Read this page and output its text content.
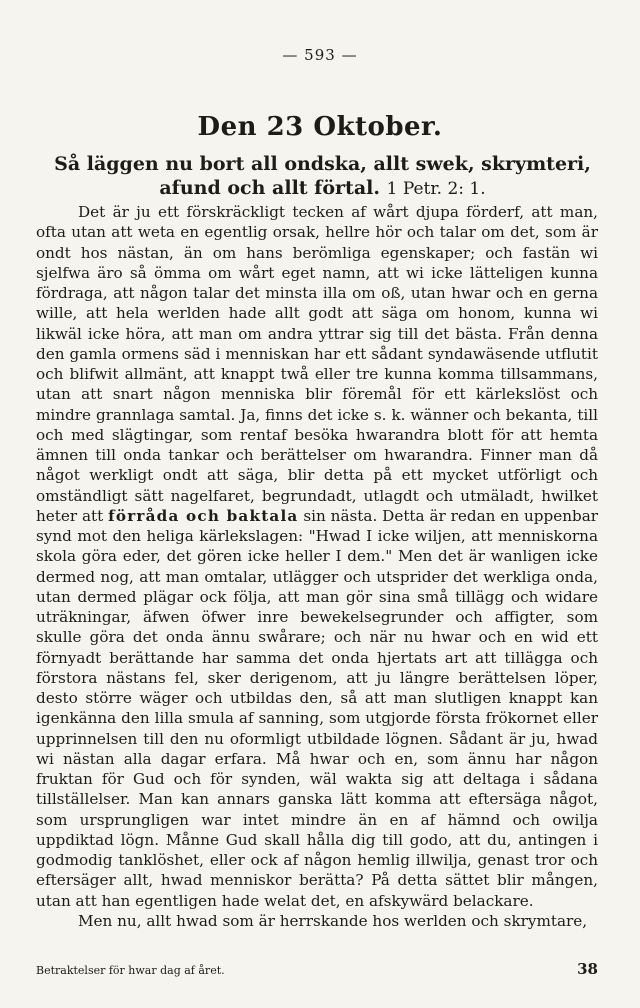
— 593 —
Den 23 Oktober.
Så läggen nu bort all ondska, allt swek, skrymteri, afund och allt förtal. 1 Petr. 2: 1.

Det är ju ett förskräckligt tecken af wårt djupa förderf, att man, ofta utan att weta en egentlig orsak, hellre hör och talar om det, som är ondt hos nästan, än om hans berömliga egenskaper; och fastän wi sjelfwa äro så ömma om wårt eget namn, att wi icke lätteligen kunna fördraga, att någon talar det minsta illa om oß, utan hwar och en gerna wille, att hela werlden hade allt godt att säga om honom, kunna wi likwäl icke höra, att man om andra yttrar sig till det bästa. Från denna den gamla ormens säd i menniskan har ett sådant syndawäsende utflutit och blifwit allmänt, att knappt twå eller tre kunna komma tillsammans, utan att snart någon menniska blir föremål för ett kärlekslöst och mindre grannlaga samtal. Ja, finns det icke s. k. wänner och bekanta, till och med slägtingar, som rentaf besöka hwarandra blott för att hemta ämnen till onda tankar och berättelser om hwarandra. Finner man då något werkligt ondt att säga, blir detta på ett mycket utförligt och omständligt sätt nagelfaret, begrundadt, utlagdt och utmäladt, hwilket heter att förråda och baktala sin nästa. Detta är redan en uppenbar synd mot den heliga kärlekslagen: "Hwad I icke wiljen, att menniskorna skola göra eder, det gören icke heller I dem." Men det är wanligen icke dermed nog, att man omtalar, utlägger och utsprider det werkliga onda, utan dermed plägar ock följa, att man gör sina små tillägg och widare uträkningar, äfwen öfwer inre bewekelsegrunder och affigter, som skulle göra det onda ännu swårare; och när nu hwar och en wid ett förnyadt berättande har samma det onda hjertats art att tillägga och förstora nästans fel, sker derigenom, att ju längre berättelsen löper, desto större wäger och utbildas den, så att man slutligen knappt kan igenkänna den lilla smula af sanning, som utgjorde första frökornet eller upprinnelsen till den nu oformligt utbildade lögnen. Sådant är ju, hwad wi nästan alla dagar erfara. Må hwar och en, som ännu har någon fruktan för Gud och för synden, wäl wakta sig att deltaga i sådana tillställelser. Man kan annars ganska lätt komma att eftersäga något, som ursprungligen war intet mindre än en af hämnd och owilja uppdiktad lögn. Månne Gud skall hålla dig till godo, att du, antingen i godmodig tanklöshet, eller ock af någon hemlig illwilja, genast tror och eftersäger allt, hwad menniskor berätta? På detta sättet blir mången, utan att han egentligen hade welat det, en afskywärd belackare.

Men nu, allt hwad som är herrskande hos werlden och skrymtare,

Betraktelser för hwar dag af året.	38
